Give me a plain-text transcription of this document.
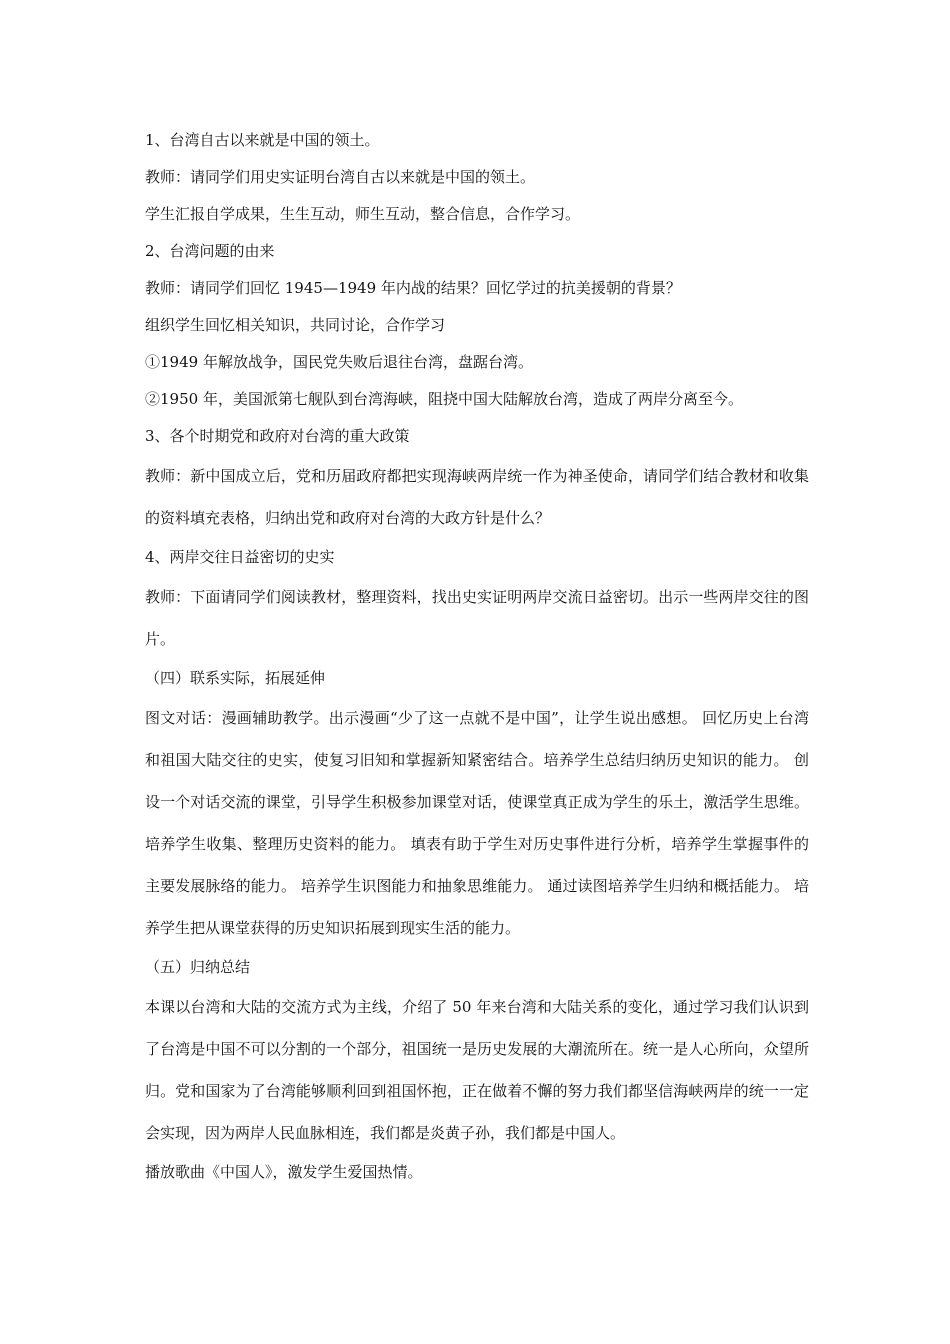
1、台湾自古以来就是中国的领土。

教师：请同学们用史实证明台湾自古以来就是中国的领土。

学生汇报自学成果，生生互动，师生互动，整合信息，合作学习。

2、台湾问题的由来

教师：请同学们回忆 1945—1949 年内战的结果？回忆学过的抗美援朝的背景？

组织学生回忆相关知识，共同讨论，合作学习

①1949 年解放战争，国民党失败后退往台湾，盘踞台湾。

②1950 年，美国派第七舰队到台湾海峡，阻挠中国大陆解放台湾，造成了两岸分离至今。

3、各个时期党和政府对台湾的重大政策

教师：新中国成立后，党和历届政府都把实现海峡两岸统一作为神圣使命，请同学们结合教材和收集的资料填充表格，归纳出党和政府对台湾的大政方针是什么？

4、两岸交往日益密切的史实

教师：下面请同学们阅读教材，整理资料，找出史实证明两岸交流日益密切。出示一些两岸交往的图片。

（四）联系实际，拓展延伸

图文对话：漫画辅助教学。出示漫画“少了这一点就不是中国”，让学生说出感想。 回忆历史上台湾和祖国大陆交往的史实，使复习旧知和掌握新知紧密结合。培养学生总结归纳历史知识的能力。 创设一个对话交流的课堂，引导学生积极参加课堂对话，使课堂真正成为学生的乐土，激活学生思维。 培养学生收集、整理历史资料的能力。 填表有助于学生对历史事件进行分析，培养学生掌握事件的主要发展脉络的能力。 培养学生识图能力和抽象思维能力。 通过读图培养学生归纳和概括能力。 培养学生把从课堂获得的历史知识拓展到现实生活的能力。

（五）归纳总结

本课以台湾和大陆的交流方式为主线，介绍了 50 年来台湾和大陆关系的变化，通过学习我们认识到了台湾是中国不可以分割的一个部分，祖国统一是历史发展的大潮流所在。统一是人心所向，众望所归。党和国家为了台湾能够顺利回到祖国怀抱，正在做着不懈的努力我们都坚信海峡两岸的统一一定会实现，因为两岸人民血脉相连，我们都是炎黄子孙，我们都是中国人。

播放歌曲《中国人》，激发学生爱国热情。
